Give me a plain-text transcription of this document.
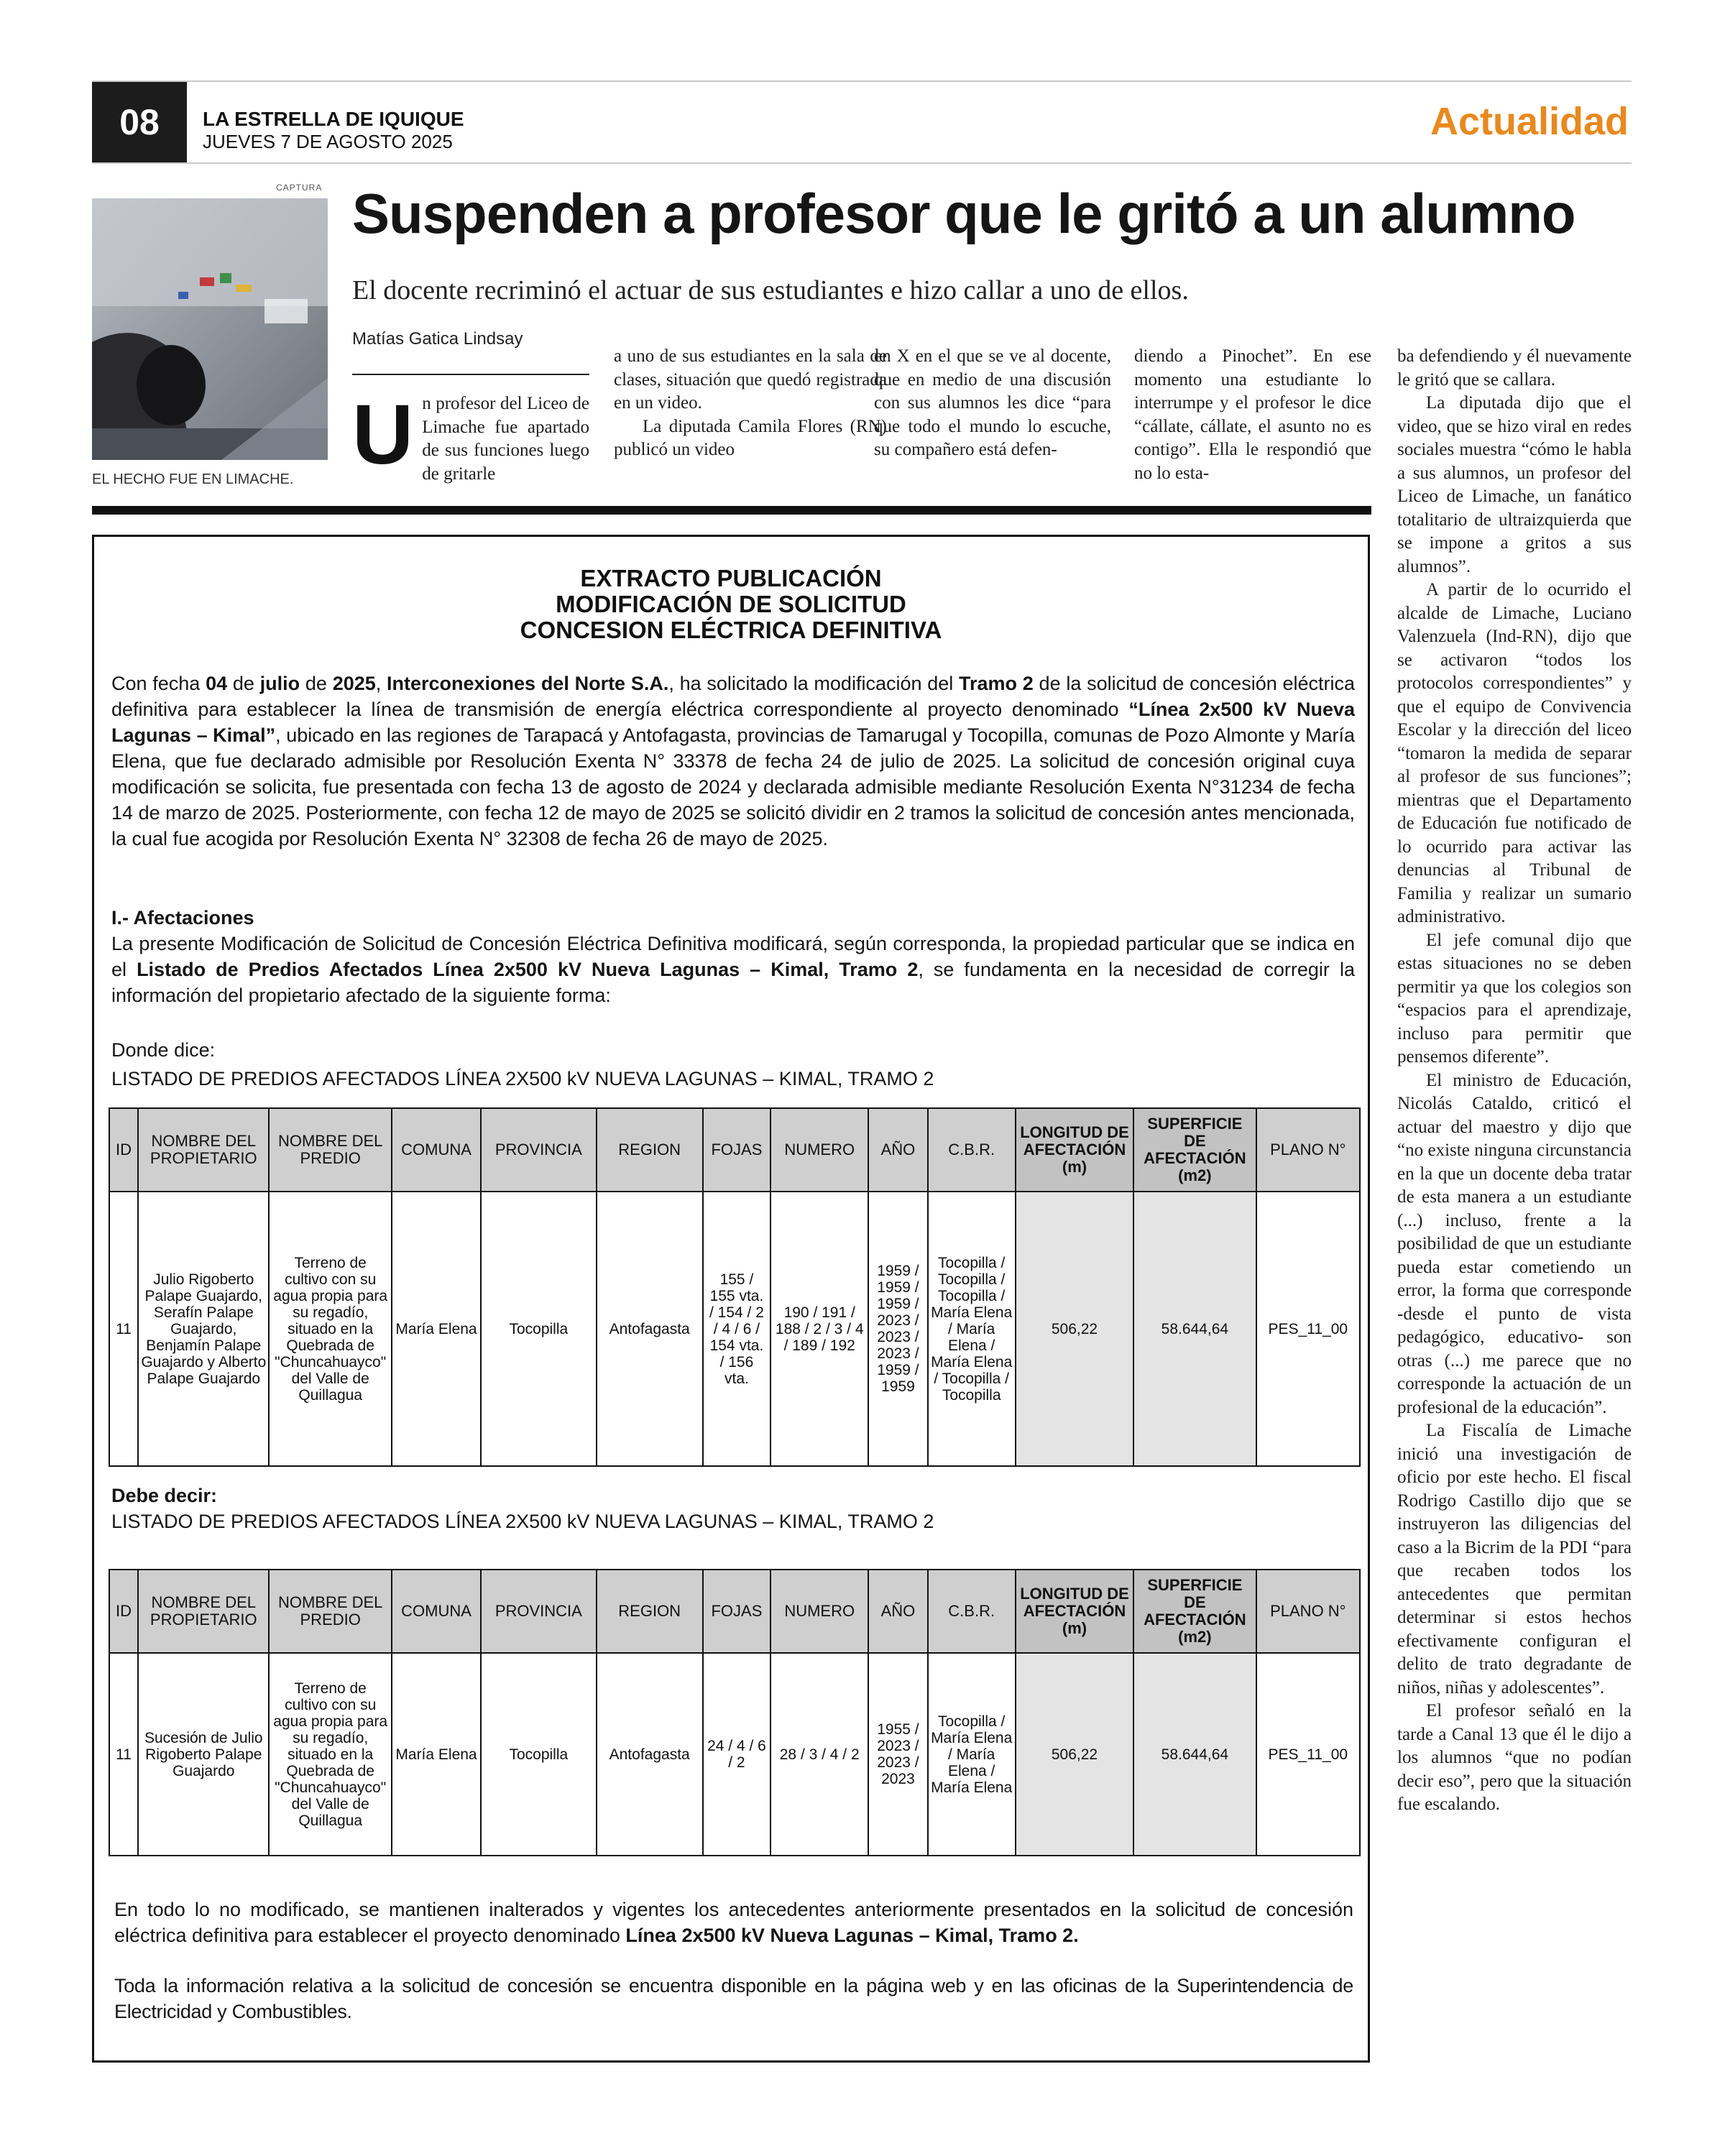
08	LA ESTRELLA DE IQUIQUE
JUEVES 7 DE AGOSTO 2025	Actualidad
CAPTURA
EL HECHO FUE EN LIMACHE.
Suspenden a profesor que le gritó a un alumno
El docente recriminó el actuar de sus estudiantes e hizo callar a uno de ellos.
Matías Gatica Lindsay
Un profesor del Liceo de Limache fue apartado de sus funciones luego de gritarle

a uno de sus estudiantes en la sala de clases, situación que quedó registrada en un video.

La diputada Camila Flores (RN) publicó un video

en X en el que se ve al docente, que en medio de una discusión con sus alumnos les dice “para que todo el mundo lo escuche, su compañero está defen-

diendo a Pinochet”. En ese momento una estudiante lo interrumpe y el profesor le dice “cállate, cállate, el asunto no es contigo”. Ella le respondió que no lo esta-

ba defendiendo y él nuevamente le gritó que se callara.

La diputada dijo que el video, que se hizo viral en redes sociales muestra “cómo le habla a sus alumnos, un profesor del Liceo de Limache, un fanático totalitario de ultraizquierda que se impone a gritos a sus alumnos”.

A partir de lo ocurrido el alcalde de Limache, Luciano Valenzuela (Ind-RN), dijo que se activaron “todos los protocolos correspondientes” y que el equipo de Convivencia Escolar y la dirección del liceo “tomaron la medida de separar al profesor de sus funciones”; mientras que el Departamento de Educación fue notificado de lo ocurrido para activar las denuncias al Tribunal de Familia y realizar un sumario administrativo.

El jefe comunal dijo que estas situaciones no se deben permitir ya que los colegios son “espacios para el aprendizaje, incluso para permitir que pensemos diferente”.

El ministro de Educación, Nicolás Cataldo, criticó el actuar del maestro y dijo que “no existe ninguna circunstancia en la que un docente deba tratar de esta manera a un estudiante (...) incluso, frente a la posibilidad de que un estudiante pueda estar cometiendo un error, la forma que corresponde -desde el punto de vista pedagógico, educativo- son otras (...) me parece que no corresponde la actuación de un profesional de la educación”.

La Fiscalía de Limache inició una investigación de oficio por este hecho. El fiscal Rodrigo Castillo dijo que se instruyeron las diligencias del caso a la Bicrim de la PDI “para que recaben todos los antecedentes que permitan determinar si estos hechos efectivamente configuran el delito de trato degradante de niños, niñas y adolescentes”.

El profesor señaló en la tarde a Canal 13 que él le dijo a los alumnos “que no podían decir eso”, pero que la situación fue escalando.

EXTRACTO PUBLICACIÓN
MODIFICACIÓN DE SOLICITUD
CONCESION ELÉCTRICA DEFINITIVA
Con fecha 04 de julio de 2025, Interconexiones del Norte S.A., ha solicitado la modificación del Tramo 2 de la solicitud de concesión eléctrica definitiva para establecer la línea de transmisión de energía eléctrica correspondiente al proyecto denominado “Línea 2x500 kV Nueva Lagunas – Kimal”, ubicado en las regiones de Tarapacá y Antofagasta, provincias de Tamarugal y Tocopilla, comunas de Pozo Almonte y María Elena, que fue declarado admisible por Resolución Exenta N° 33378 de fecha 24 de julio de 2025. La solicitud de concesión original cuya modificación se solicita, fue presentada con fecha 13 de agosto de 2024 y declarada admisible mediante Resolución Exenta N°31234 de fecha 14 de marzo de 2025. Posteriormente, con fecha 12 de mayo de 2025 se solicitó dividir en 2 tramos la solicitud de concesión antes mencionada, la cual fue acogida por Resolución Exenta N° 32308 de fecha 26 de mayo de 2025.
I.- Afectaciones
La presente Modificación de Solicitud de Concesión Eléctrica Definitiva modificará, según corresponda, la propiedad particular que se indica en el Listado de Predios Afectados Línea 2x500 kV Nueva Lagunas – Kimal, Tramo 2, se fundamenta en la necesidad de corregir la información del propietario afectado de la siguiente forma:
Donde dice:
LISTADO DE PREDIOS AFECTADOS LÍNEA 2X500 kV NUEVA LAGUNAS – KIMAL, TRAMO 2
ID	NOMBRE DEL PROPIETARIO	NOMBRE DEL PREDIO	COMUNA	PROVINCIA	REGION	FOJAS	NUMERO	AÑO	C.B.R.	LONGITUD DE AFECTACIÓN (m)	SUPERFICIE DE AFECTACIÓN (m2)	PLANO N°
11	Julio Rigoberto Palape Guajardo, Serafín Palape Guajardo, Benjamín Palape Guajardo y Alberto Palape Guajardo	Terreno de cultivo con su agua propia para su regadío, situado en la Quebrada de "Chuncahuayco" del Valle de Quillagua	María Elena	Tocopilla	Antofagasta	155 / 155 vta. / 154 / 2 / 4 / 6 / 154 vta. / 156 vta.	190 / 191 / 188 / 2 / 3 / 4 / 189 / 192	1959 / 1959 / 1959 / 2023 / 2023 / 2023 / 1959 / 1959	Tocopilla / Tocopilla / Tocopilla / María Elena / María Elena / María Elena / Tocopilla / Tocopilla	506,22	58.644,64	PES_11_00
Debe decir:
LISTADO DE PREDIOS AFECTADOS LÍNEA 2X500 kV NUEVA LAGUNAS – KIMAL, TRAMO 2
ID	NOMBRE DEL PROPIETARIO	NOMBRE DEL PREDIO	COMUNA	PROVINCIA	REGION	FOJAS	NUMERO	AÑO	C.B.R.	LONGITUD DE AFECTACIÓN (m)	SUPERFICIE DE AFECTACIÓN (m2)	PLANO N°
11	Sucesión de Julio Rigoberto Palape Guajardo	Terreno de cultivo con su agua propia para su regadío, situado en la Quebrada de "Chuncahuayco" del Valle de Quillagua	María Elena	Tocopilla	Antofagasta	24 / 4 / 6 / 2	28 / 3 / 4 / 2	1955 / 2023 / 2023 / 2023	Tocopilla / María Elena / María Elena / María Elena	506,22	58.644,64	PES_11_00
En todo lo no modificado, se mantienen inalterados y vigentes los antecedentes anteriormente presentados en la solicitud de concesión eléctrica definitiva para establecer el proyecto denominado Línea 2x500 kV Nueva Lagunas – Kimal, Tramo 2.
Toda la información relativa a la solicitud de concesión se encuentra disponible en la página web y en las oficinas de la Superintendencia de Electricidad y Combustibles.
